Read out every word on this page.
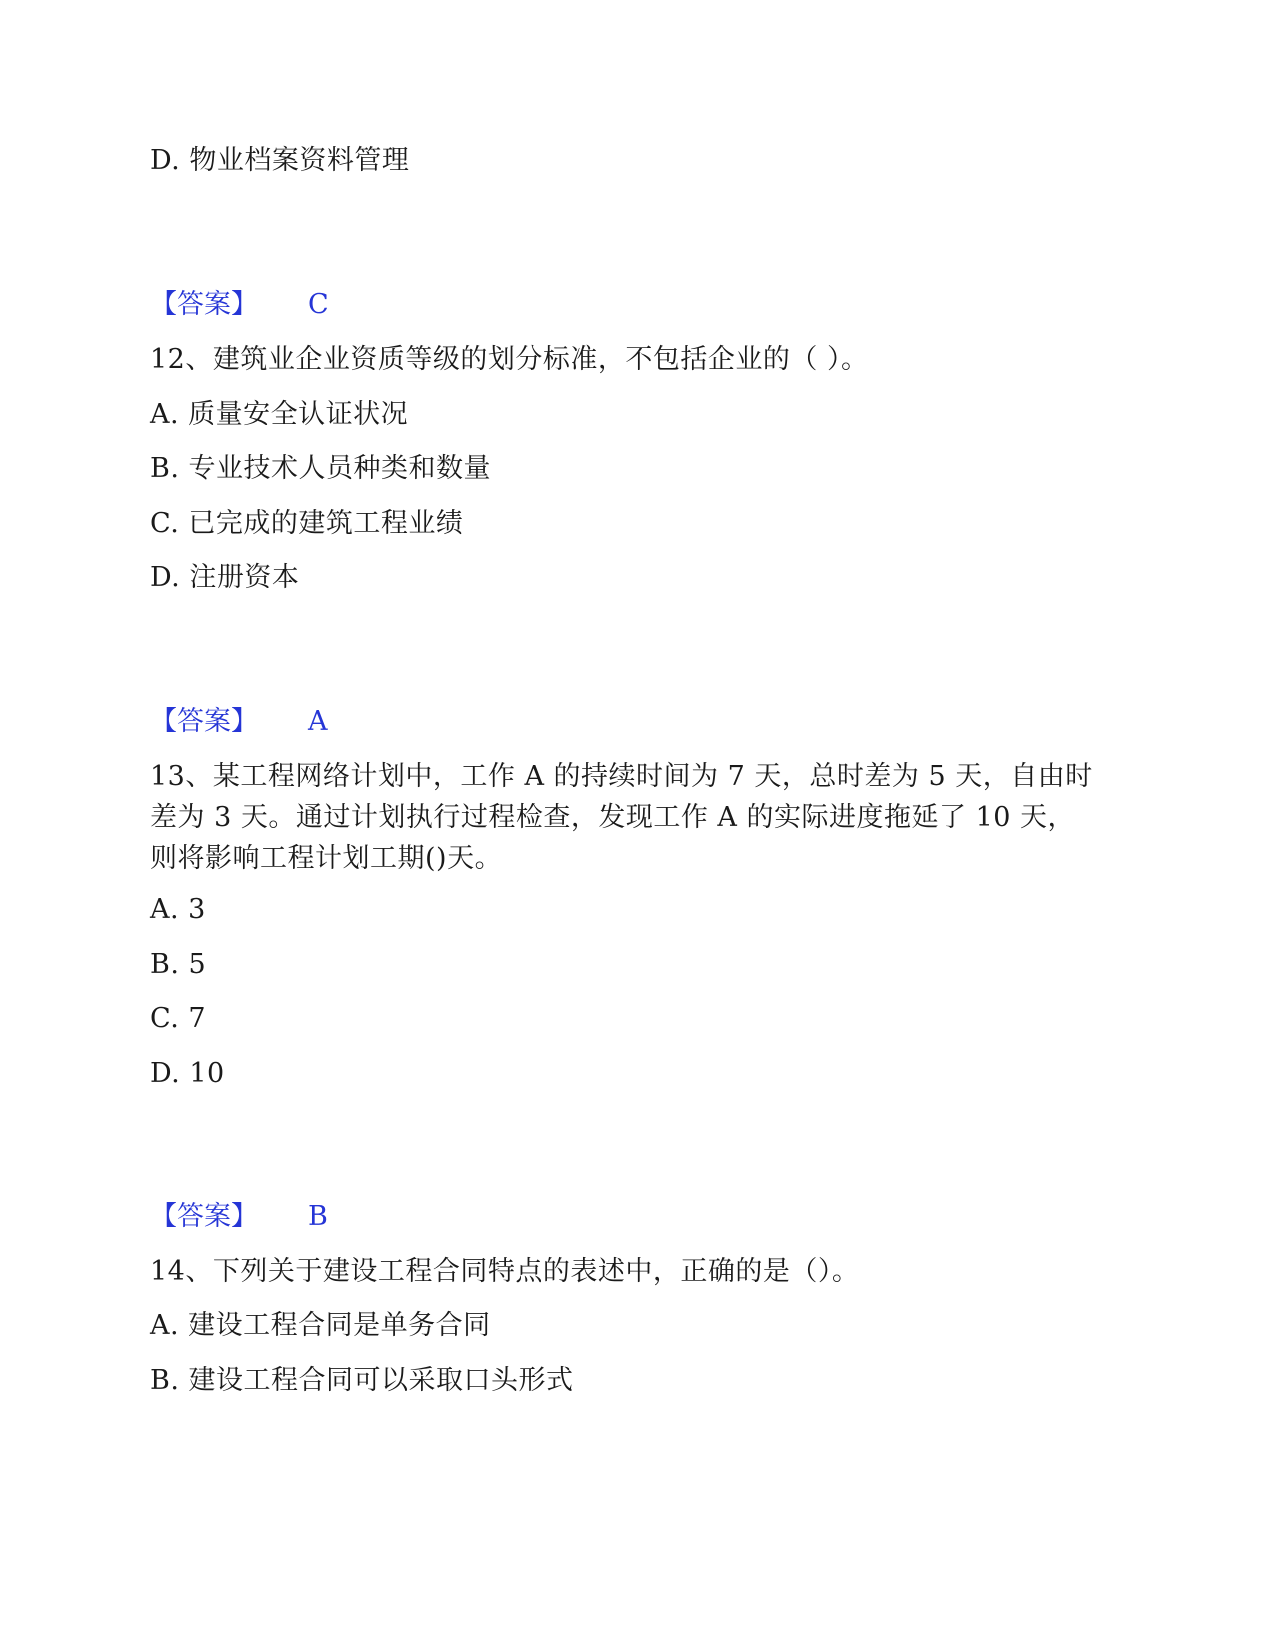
D. 物业档案资料管理
【答案】 C
12、建筑业企业资质等级的划分标准，不包括企业的（ ）。
A. 质量安全认证状况
B. 专业技术人员种类和数量
C. 已完成的建筑工程业绩
D. 注册资本
【答案】 A
13、某工程网络计划中，工作 A 的持续时间为 7 天，总时差为 5 天，自由时
差为 3 天。通过计划执行过程检查，发现工作 A 的实际进度拖延了 10 天，
则将影响工程计划工期()天。
A. 3
B. 5
C. 7
D. 10
【答案】 B
14、下列关于建设工程合同特点的表述中，正确的是（）。
A. 建设工程合同是单务合同
B. 建设工程合同可以采取口头形式
